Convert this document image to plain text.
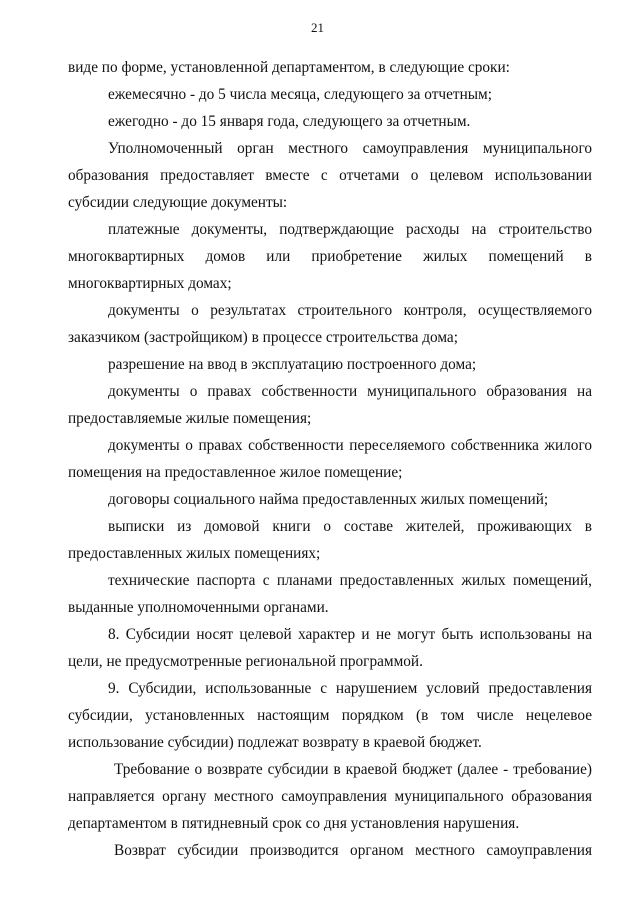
21

виде по форме, установленной департаментом, в следующие сроки:

ежемесячно - до 5 числа месяца, следующего за отчетным;

ежегодно - до 15 января года, следующего за отчетным.

Уполномоченный орган местного самоуправления муниципального образования предоставляет вместе с отчетами о целевом использовании субсидии следующие документы:

платежные документы, подтверждающие расходы на строительство многоквартирных домов или приобретение жилых помещений в многоквартирных домах;

документы о результатах строительного контроля, осуществляемого заказчиком (застройщиком) в процессе строительства дома;

разрешение на ввод в эксплуатацию построенного дома;

документы о правах собственности муниципального образования на предоставляемые жилые помещения;

документы о правах собственности переселяемого собственника жилого помещения на предоставленное жилое помещение;

договоры социального найма предоставленных жилых помещений;

выписки из домовой книги о составе жителей, проживающих в предоставленных жилых помещениях;

технические паспорта с планами предоставленных жилых помещений, выданные уполномоченными органами.

8. Субсидии носят целевой характер и не могут быть использованы на цели, не предусмотренные региональной программой.

9. Субсидии, использованные с нарушением условий предоставления субсидии, установленных настоящим порядком (в том числе нецелевое использование субсидии) подлежат возврату в краевой бюджет.

Требование о возврате субсидии в краевой бюджет (далее - требование) направляется органу местного самоуправления муниципального образования департаментом в пятидневный срок со дня установления нарушения.

Возврат субсидии производится органом местного самоуправления
